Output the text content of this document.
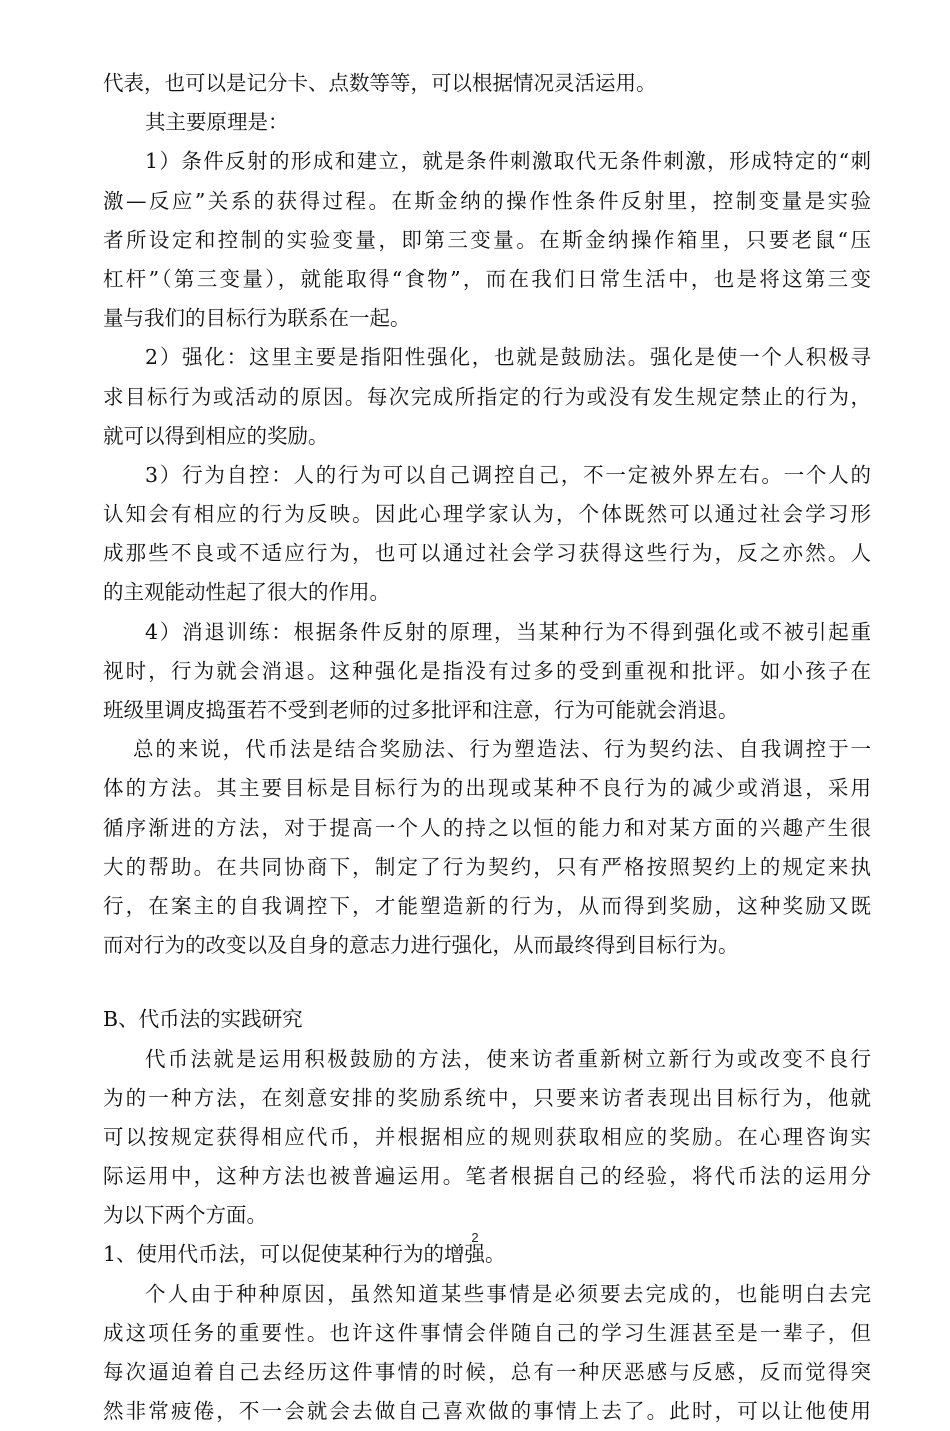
代表，也可以是记分卡、点数等等，可以根据情况灵活运用。
其主要原理是：
1）条件反射的形成和建立，就是条件刺激取代无条件刺激，形成特定的“刺
激—反应”关系的获得过程。在斯金纳的操作性条件反射里，控制变量是实验
者所设定和控制的实验变量，即第三变量。在斯金纳操作箱里，只要老鼠“压
杠杆”（第三变量），就能取得“食物”，而在我们日常生活中，也是将这第三变
量与我们的目标行为联系在一起。
2）强化：这里主要是指阳性强化，也就是鼓励法。强化是使一个人积极寻
求目标行为或活动的原因。每次完成所指定的行为或没有发生规定禁止的行为，
就可以得到相应的奖励。
3）行为自控：人的行为可以自己调控自己，不一定被外界左右。一个人的
认知会有相应的行为反映。因此心理学家认为，个体既然可以通过社会学习形
成那些不良或不适应行为，也可以通过社会学习获得这些行为，反之亦然。人
的主观能动性起了很大的作用。
4）消退训练：根据条件反射的原理，当某种行为不得到强化或不被引起重
视时，行为就会消退。这种强化是指没有过多的受到重视和批评。如小孩子在
班级里调皮捣蛋若不受到老师的过多批评和注意，行为可能就会消退。
总的来说，代币法是结合奖励法、行为塑造法、行为契约法、自我调控于一
体的方法。其主要目标是目标行为的出现或某种不良行为的减少或消退，采用
循序渐进的方法，对于提高一个人的持之以恒的能力和对某方面的兴趣产生很
大的帮助。在共同协商下，制定了行为契约，只有严格按照契约上的规定来执
行，在案主的自我调控下，才能塑造新的行为，从而得到奖励，这种奖励又既
而对行为的改变以及自身的意志力进行强化，从而最终得到目标行为。
B、代币法的实践研究
代币法就是运用积极鼓励的方法，使来访者重新树立新行为或改变不良行
为的一种方法，在刻意安排的奖励系统中，只要来访者表现出目标行为，他就
可以按规定获得相应代币，并根据相应的规则获取相应的奖励。在心理咨询实
际运用中，这种方法也被普遍运用。笔者根据自己的经验，将代币法的运用分
为以下两个方面。
1、使用代币法，可以促使某种行为的增强。
个人由于种种原因，虽然知道某些事情是必须要去完成的，也能明白去完
成这项任务的重要性。也许这件事情会伴随自己的学习生涯甚至是一辈子，但
每次逼迫着自己去经历这件事情的时候，总有一种厌恶感与反感，反而觉得突
然非常疲倦，不一会就会去做自己喜欢做的事情上去了。此时，可以让他使用
2
